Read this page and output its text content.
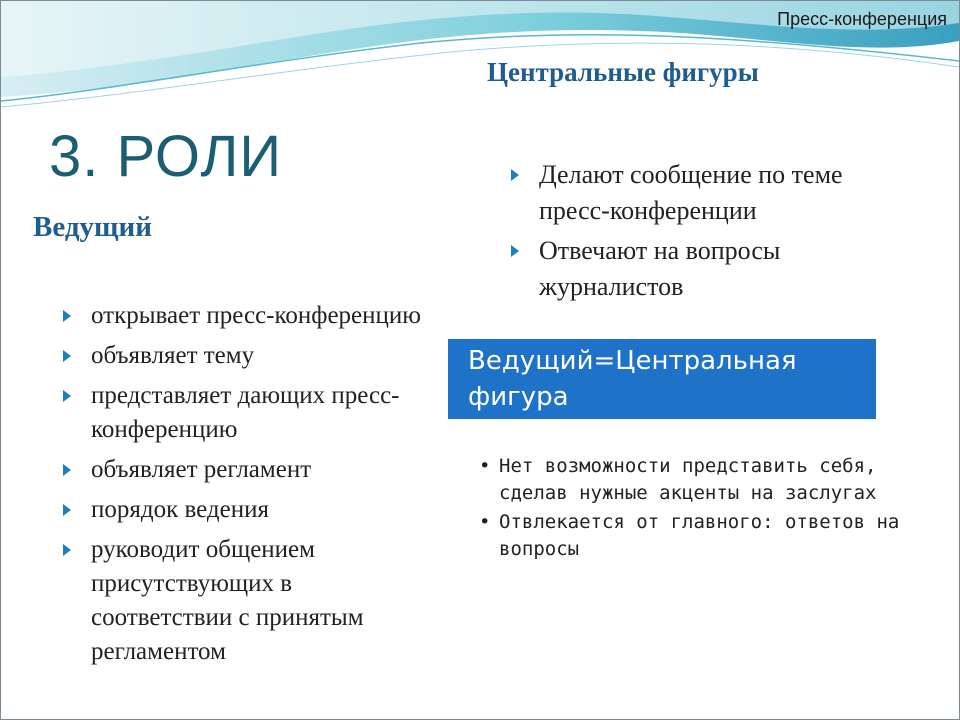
Пресс-конференция
Центральные фигуры
3. РОЛИ
Ведущий
открывает пресс-конференцию
объявляет тему
представляет дающих пресс-конференцию
объявляет регламент
порядок ведения
руководит общением присутствующих в соответствии с принятым регламентом
Делают сообщение по теме пресс-конференции
Отвечают на вопросы журналистов
Ведущий=Центральная фигура
• Нет возможности представить себя, сделав нужные акценты на заслугах
• Отвлекается от главного: ответов на вопросы
